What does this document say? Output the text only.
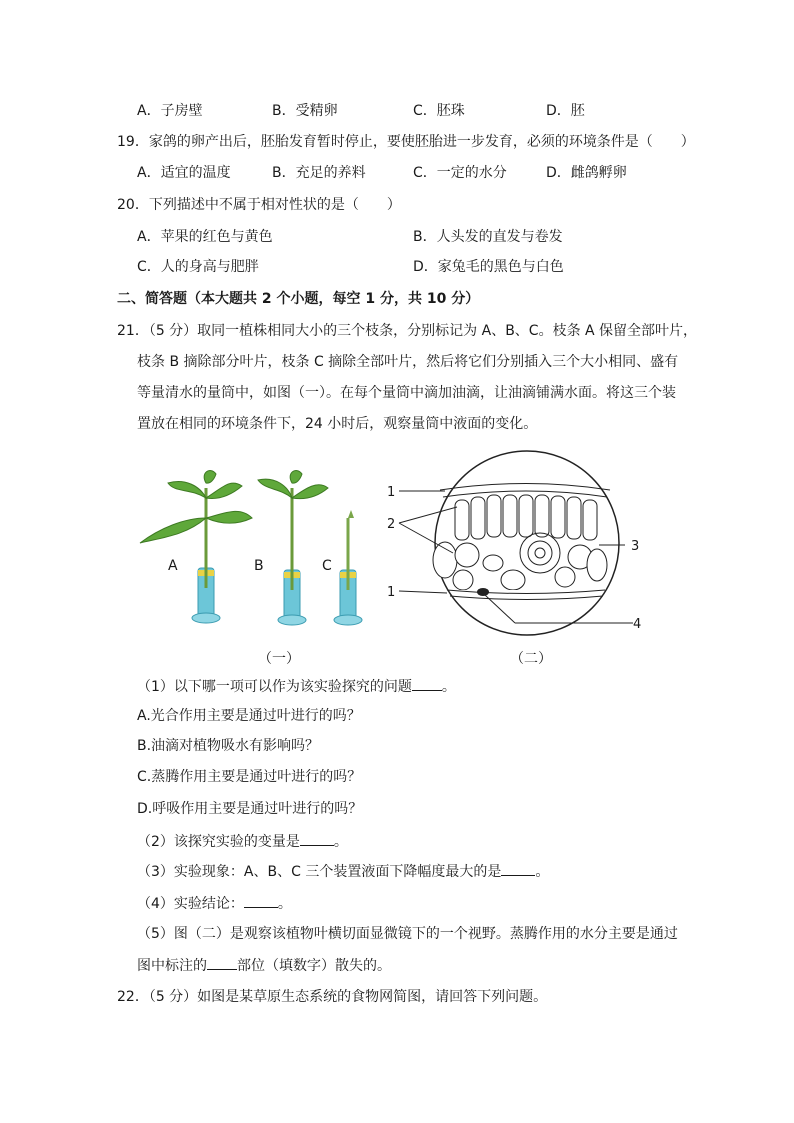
A．子房壁	B．受精卵	C．胚珠	D．胚
19．家鸽的卵产出后，胚胎发育暂时停止，要使胚胎进一步发育，必须的环境条件是（　　）
A．适宜的温度	B．充足的养料	C．一定的水分	D．雌鸽孵卵
20．下列描述中不属于相对性状的是（　　）
A．苹果的红色与黄色	B．人头发的直发与卷发
C．人的身高与肥胖	D．家兔毛的黑色与白色
二、简答题（本大题共 2 个小题，每空 1 分，共 10 分）
21．（5 分）取同一植株相同大小的三个枝条，分别标记为 A、B、C。枝条 A 保留全部叶片，
枝条 B 摘除部分叶片，枝条 C 摘除全部叶片，然后将它们分别插入三个大小相同、盛有
等量清水的量筒中，如图（一）。在每个量筒中滴加油滴，让油滴铺满水面。将这三个装
置放在相同的环境条件下，24 小时后，观察量筒中液面的变化。
A	B	C
（一）
1
2
3
1
4
（二）
（1）以下哪一项可以作为该实验探究的问题 。
A.光合作用主要是通过叶进行的吗？
B.油滴对植物吸水有影响吗？
C.蒸腾作用主要是通过叶进行的吗？
D.呼吸作用主要是通过叶进行的吗？
（2）该探究实验的变量是 。
（3）实验现象：A、B、C 三个装置液面下降幅度最大的是 。
（4）实验结论： 。
（5）图（二）是观察该植物叶横切面显微镜下的一个视野。蒸腾作用的水分主要是通过
图中标注的 部位（填数字）散失的。
22．（5 分）如图是某草原生态系统的食物网简图，请回答下列问题。
